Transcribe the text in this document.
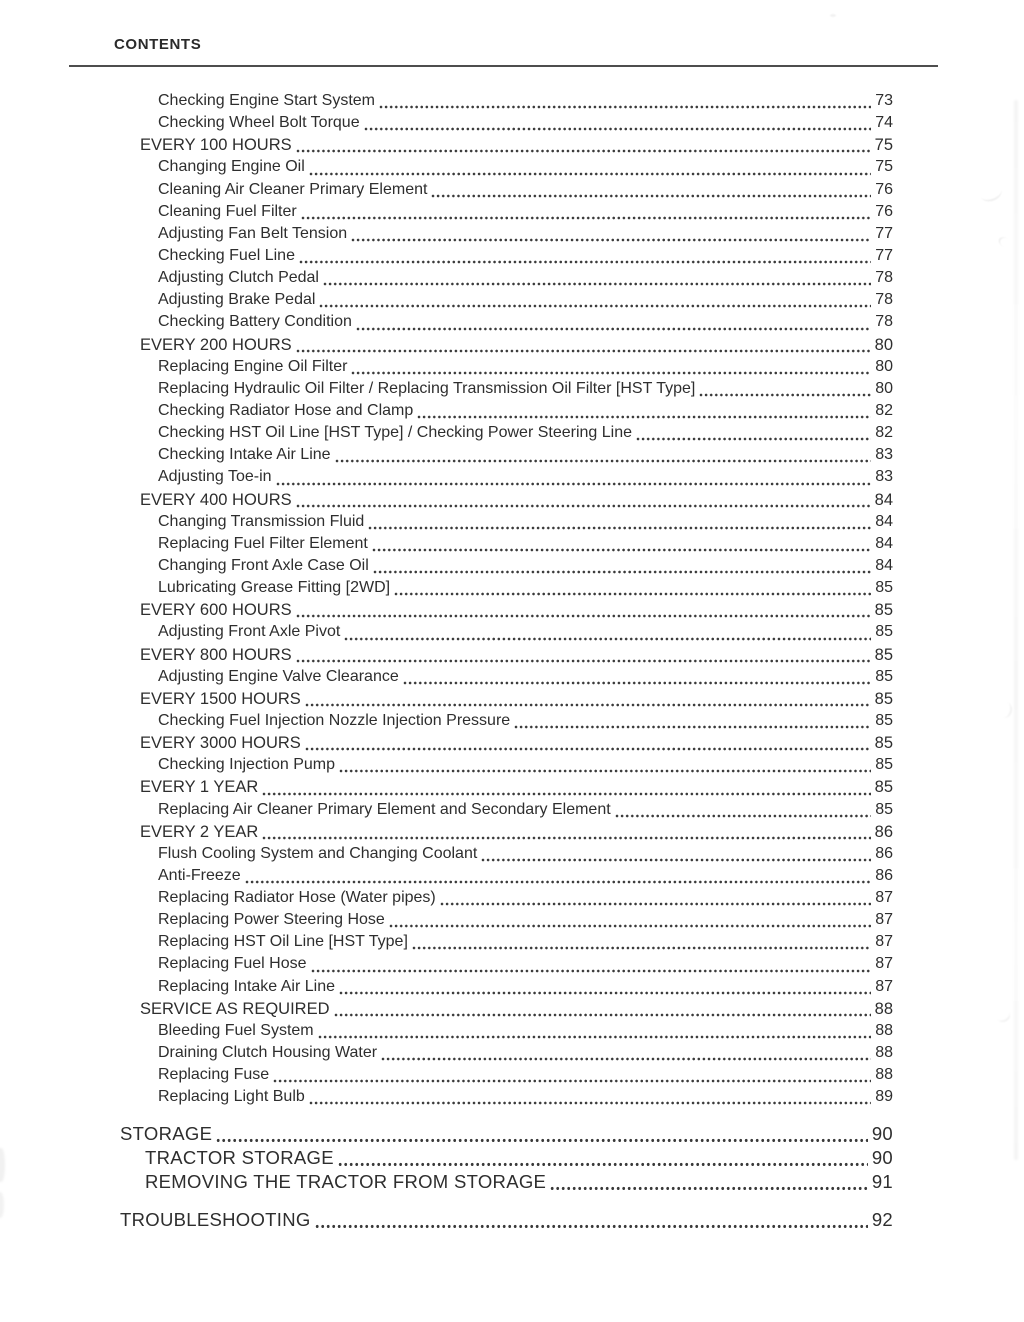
CONTENTS
Checking Engine Start System	73
Checking Wheel Bolt Torque	74
EVERY 100 HOURS	75
Changing Engine Oil	75
Cleaning Air Cleaner Primary Element	76
Cleaning Fuel Filter	76
Adjusting Fan Belt Tension	77
Checking Fuel Line	77
Adjusting Clutch Pedal	78
Adjusting Brake Pedal	78
Checking Battery Condition	78
EVERY 200 HOURS	80
Replacing Engine Oil Filter	80
Replacing Hydraulic Oil Filter / Replacing Transmission Oil Filter [HST Type]	80
Checking Radiator Hose and Clamp	82
Checking HST Oil Line [HST Type] / Checking Power Steering Line	82
Checking Intake Air Line	83
Adjusting Toe-in	83
EVERY 400 HOURS	84
Changing Transmission Fluid	84
Replacing Fuel Filter Element	84
Changing Front Axle Case Oil	84
Lubricating Grease Fitting [2WD]	85
EVERY 600 HOURS	85
Adjusting Front Axle Pivot	85
EVERY 800 HOURS	85
Adjusting Engine Valve Clearance	85
EVERY 1500 HOURS	85
Checking Fuel Injection Nozzle Injection Pressure	85
EVERY 3000 HOURS	85
Checking Injection Pump	85
EVERY 1 YEAR	85
Replacing Air Cleaner Primary Element and Secondary Element	85
EVERY 2 YEAR	86
Flush Cooling System and Changing Coolant	86
Anti-Freeze	86
Replacing Radiator Hose (Water pipes)	87
Replacing Power Steering Hose	87
Replacing HST Oil Line [HST Type]	87
Replacing Fuel Hose	87
Replacing Intake Air Line	87
SERVICE AS REQUIRED	88
Bleeding Fuel System	88
Draining Clutch Housing Water	88
Replacing Fuse	88
Replacing Light Bulb	89
STORAGE	90
TRACTOR STORAGE	90
REMOVING THE TRACTOR FROM STORAGE	91
TROUBLESHOOTING	92
